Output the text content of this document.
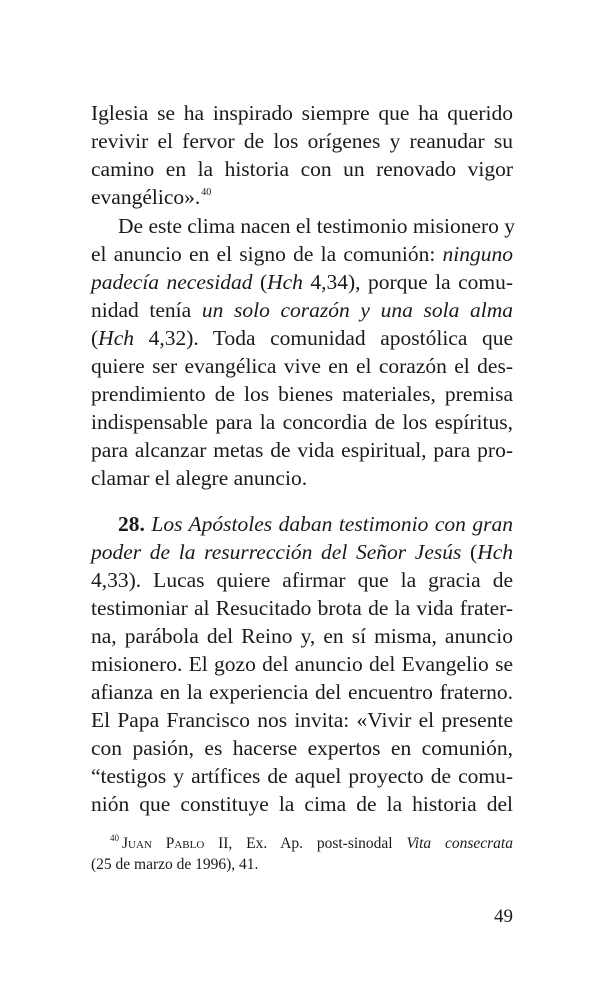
Iglesia se ha inspirado siempre que ha querido
revivir el fervor de los orígenes y reanudar su
camino en la historia con un renovado vigor
evangélico».$^{40}$
De este clima nacen el testimonio misionero y
el anuncio en el signo de la comunión: ninguno
padecía necesidad (Hch 4,34), porque la comu-
nidad tenía un solo corazón y una sola alma
(Hch 4,32). Toda comunidad apostólica que
quiere ser evangélica vive en el corazón el des-
prendimiento de los bienes materiales, premisa
indispensable para la concordia de los espíritus,
para alcanzar metas de vida espiritual, para pro-
clamar el alegre anuncio.
28. Los Apóstoles daban testimonio con gran
poder de la resurrección del Señor Jesús (Hch
4,33). Lucas quiere afirmar que la gracia de
testimoniar al Resucitado brota de la vida frater-
na, parábola del Reino y, en sí misma, anuncio
misionero. El gozo del anuncio del Evangelio se
afianza en la experiencia del encuentro fraterno.
El Papa Francisco nos invita: «Vivir el presente
con pasión, es hacerse expertos en comunión,
“testigos y artífices de aquel proyecto de comu-
nión que constituye la cima de la historia del
$^{40}$ Juan Pablo II, Ex. Ap. post-sinodal Vita consecrata
(25 de marzo de 1996), 41.
49
